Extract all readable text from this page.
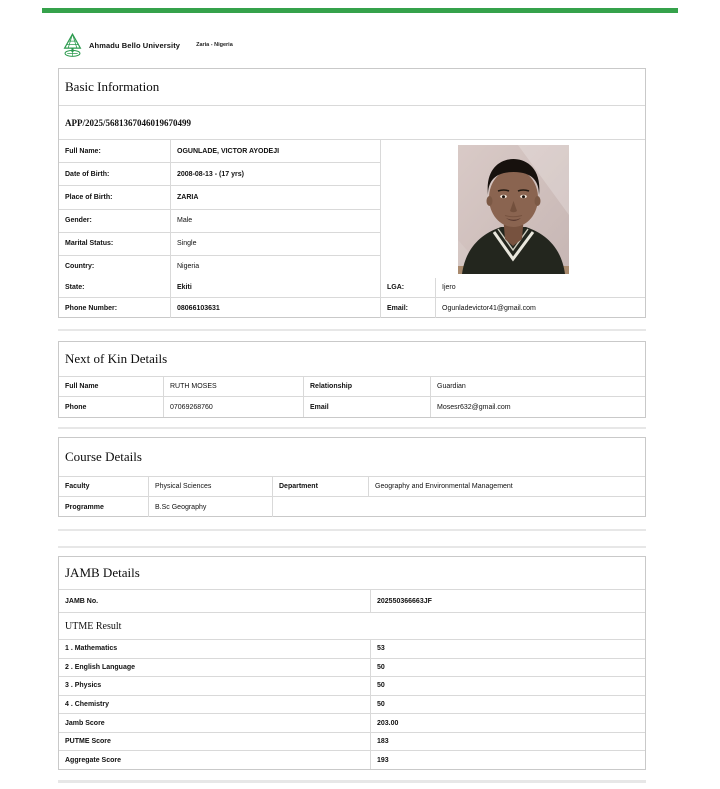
Ahmadu Bello University	Zaria - Nigeria
Basic Information
APP/2025/5681367046019670499
Full Name:	OGUNLADE, VICTOR AYODEJI
Date of Birth:	2008-08-13 - (17 yrs)
Place of Birth:	ZARIA
Gender:	Male
Marital Status:	Single
Country:	Nigeria
State:	Ekiti	LGA:	Ijero
Phone Number:	08066103631	Email:	Ogunladevictor41@gmail.com
Next of Kin Details
Full Name	RUTH MOSES	Relationship	Guardian
Phone	07069268760	Email	Mosesr632@gmail.com
Course Details
Faculty	Physical Sciences	Department	Geography and Environmental Management
Programme	B.Sc Geography
JAMB Details
JAMB No.	202550366663JF
UTME Result
1 . Mathematics	53
2 . English Language	50
3 . Physics	50
4 . Chemistry	50
Jamb Score	203.00
PUTME Score	183
Aggregate Score	193
